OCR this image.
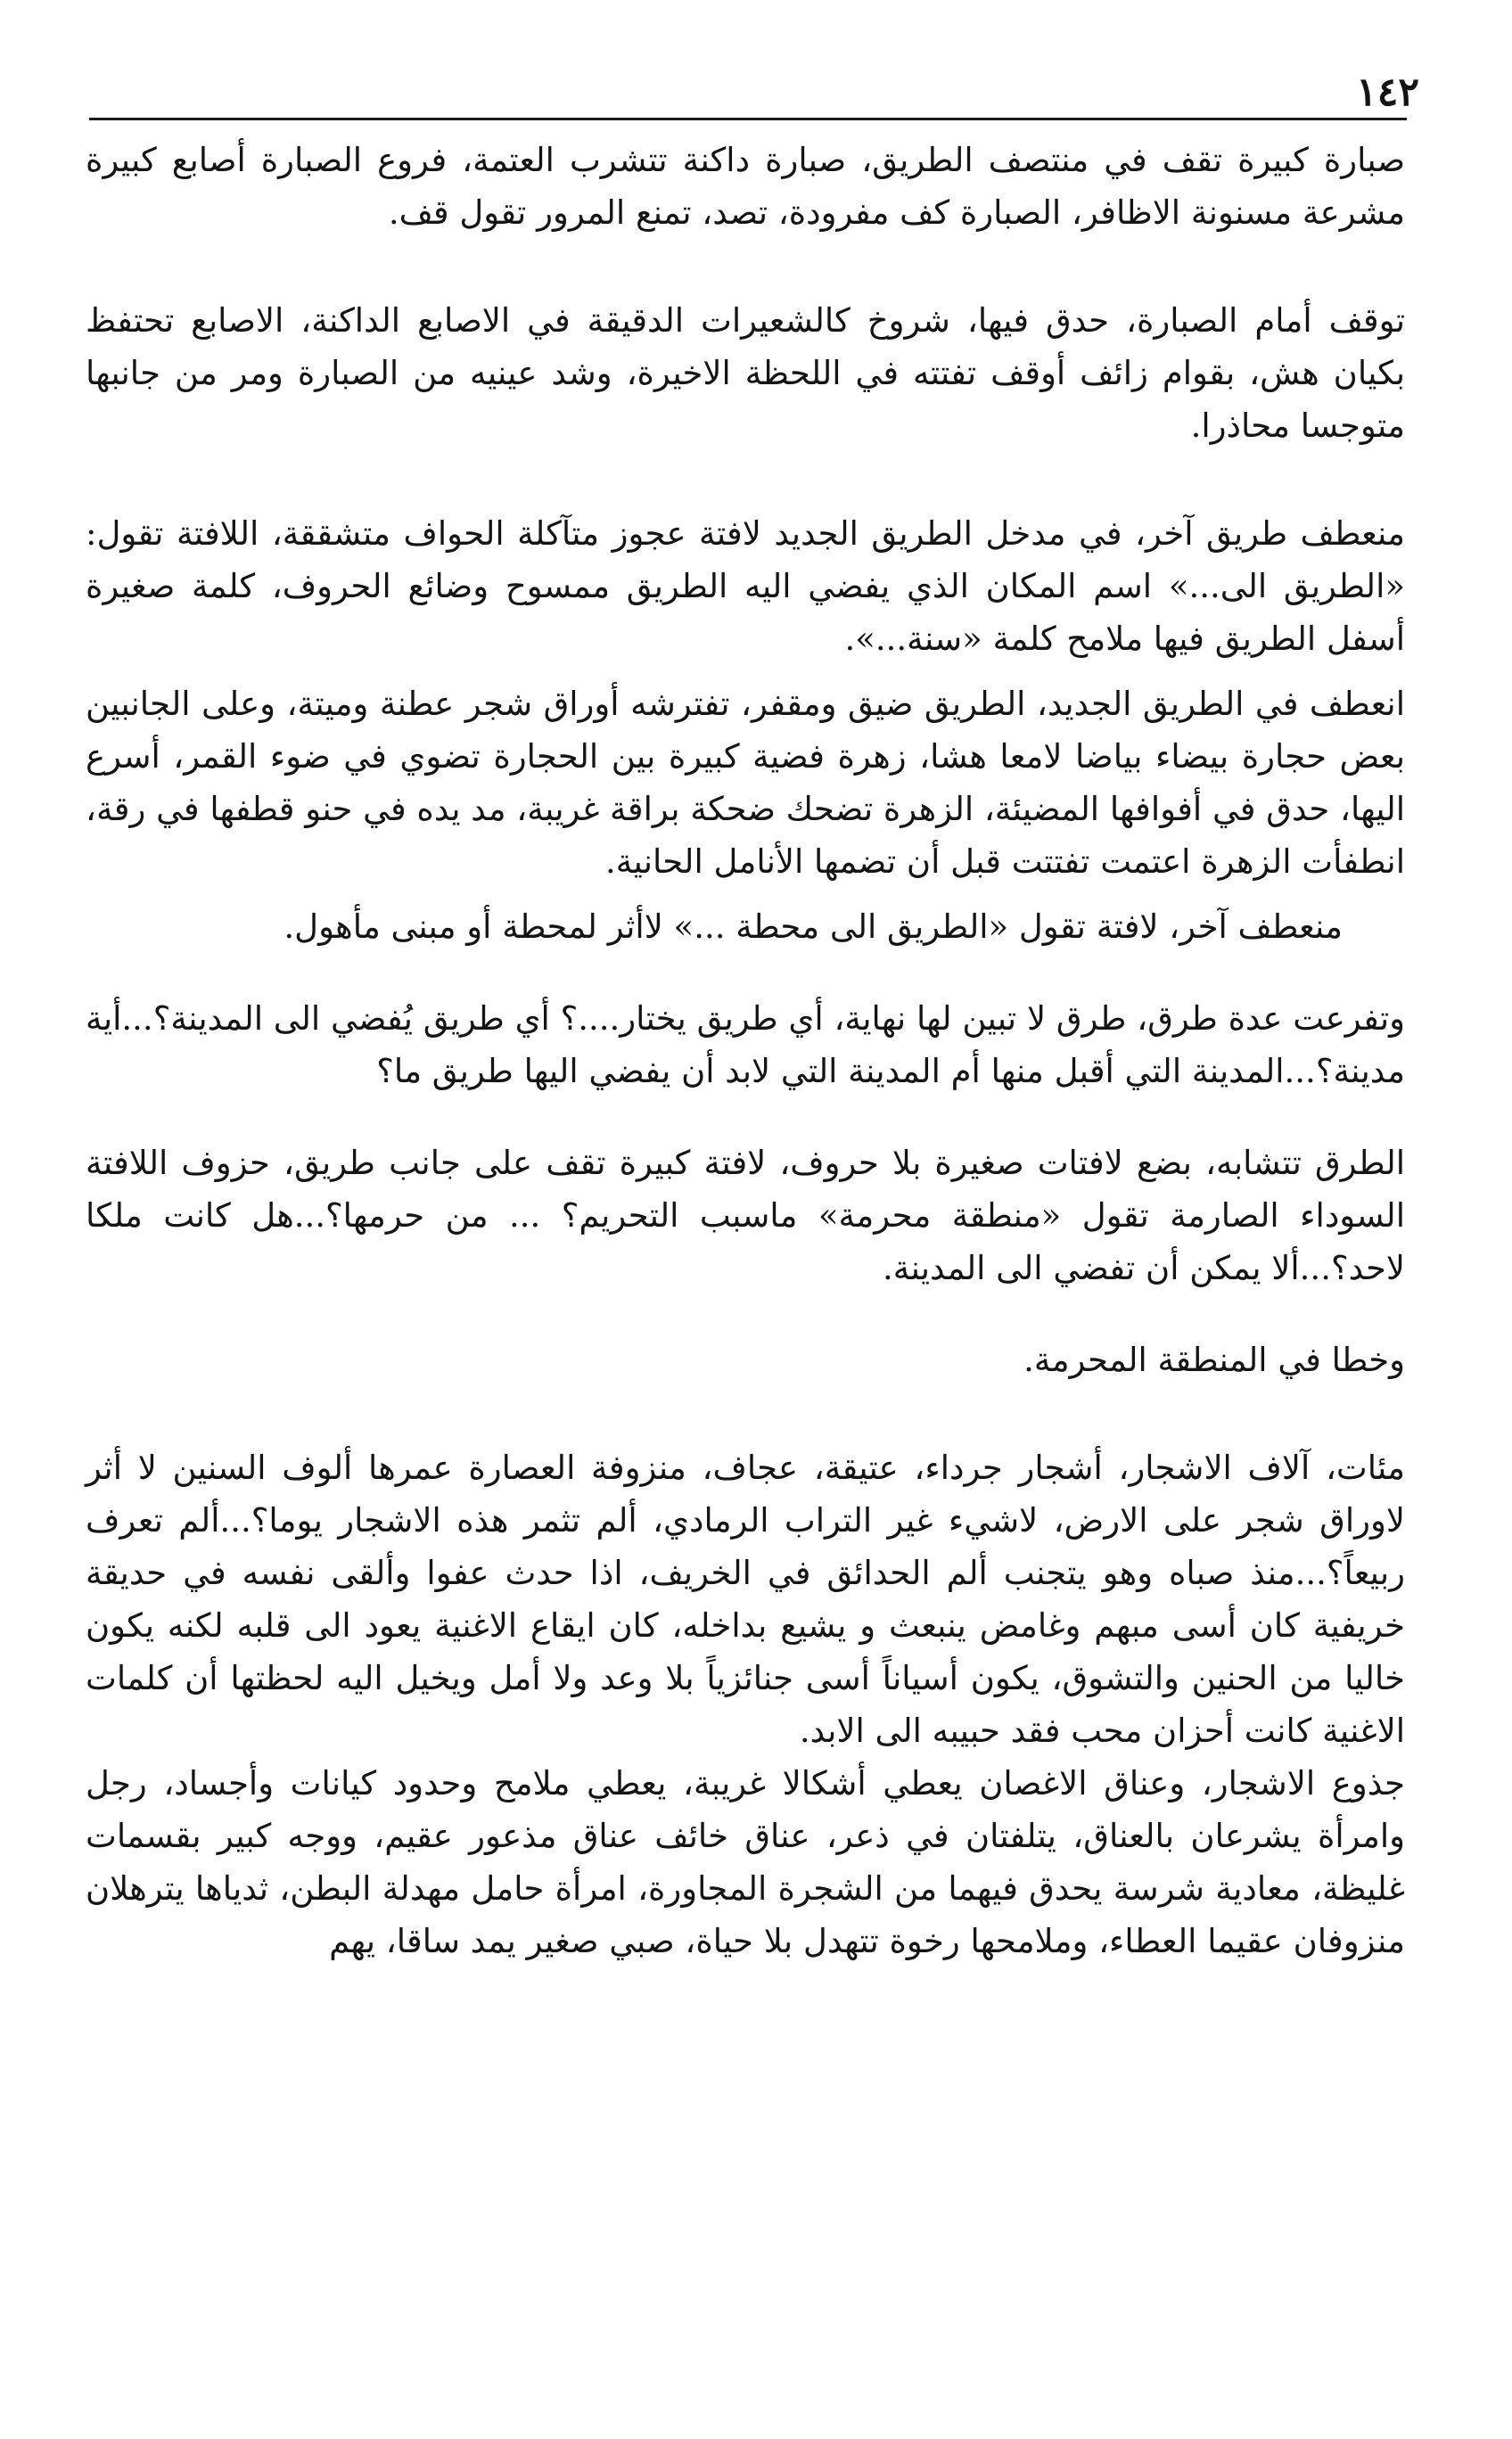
١٤٢

صبارة كبيرة تقف في منتصف الطريق، صبارة داكنة تتشرب العتمة، فروع الصبارة أصابع كبيرة مشرعة مسنونة الاظافر، الصبارة كف مفرودة، تصد، تمنع المرور تقول قف.

توقف أمام الصبارة، حدق فيها، شروخ كالشعيرات الدقيقة في الاصابع الداكنة، الاصابع تحتفظ بكيان هش، بقوام زائف أوقف تفتته في اللحظة الاخيرة، وشد عينيه من الصبارة ومر من جانبها متوجسا محاذرا.

منعطف طريق آخر، في مدخل الطريق الجديد لافتة عجوز متآكلة الحواف متشققة، اللافتة تقول: «الطريق الى...» اسم المكان الذي يفضي اليه الطريق ممسوح وضائع الحروف، كلمة صغيرة أسفل الطريق فيها ملامح كلمة «سنة...».

انعطف في الطريق الجديد، الطريق ضيق ومقفر، تفترشه أوراق شجر عطنة وميتة، وعلى الجانبين بعض حجارة بيضاء بياضا لامعا هشا، زهرة فضية كبيرة بين الحجارة تضوي في ضوء القمر، أسرع اليها، حدق في أفوافها المضيئة، الزهرة تضحك ضحكة براقة غريبة، مد يده في حنو قطفها في رقة، انطفأت الزهرة اعتمت تفتتت قبل أن تضمها الأنامل الحانية.

منعطف آخر، لافتة تقول «الطريق الى محطة ...» لاأثر لمحطة أو مبنى مأهول.

وتفرعت عدة طرق، طرق لا تبين لها نهاية، أي طريق يختار....؟ أي طريق يُفضي الى المدينة؟...أية مدينة؟...المدينة التي أقبل منها أم المدينة التي لابد أن يفضي اليها طريق ما؟

الطرق تتشابه، بضع لافتات صغيرة بلا حروف، لافتة كبيرة تقف على جانب طريق، حزوف اللافتة السوداء الصارمة تقول «منطقة محرمة» ماسبب التحريم؟ ... من حرمها؟...هل كانت ملكا لاحد؟...ألا يمكن أن تفضي الى المدينة.

وخطا في المنطقة المحرمة.

مئات، آلاف الاشجار، أشجار جرداء، عتيقة، عجاف، منزوفة العصارة عمرها ألوف السنين لا أثر لاوراق شجر على الارض، لاشيء غير التراب الرمادي، ألم تثمر هذه الاشجار يوما؟...ألم تعرف ربيعاً؟...منذ صباه وهو يتجنب ألم الحدائق في الخريف، اذا حدث عفوا وألقى نفسه في حديقة خريفية كان أسى مبهم وغامض ينبعث و يشيع بداخله، كان ايقاع الاغنية يعود الى قلبه لكنه يكون خاليا من الحنين والتشوق، يكون أسياناً أسى جنائزياً بلا وعد ولا أمل ويخيل اليه لحظتها أن كلمات الاغنية كانت أحزان محب فقد حبيبه الى الابد.

جذوع الاشجار، وعناق الاغصان يعطي أشكالا غريبة، يعطي ملامح وحدود كيانات وأجساد، رجل وامرأة يشرعان بالعناق، يتلفتان في ذعر، عناق خائف عناق مذعور عقيم، ووجه كبير بقسمات غليظة، معادية شرسة يحدق فيهما من الشجرة المجاورة، امرأة حامل مهدلة البطن، ثدياها يترهلان منزوفان عقيما العطاء، وملامحها رخوة تتهدل بلا حياة، صبي صغير يمد ساقا، يهم
